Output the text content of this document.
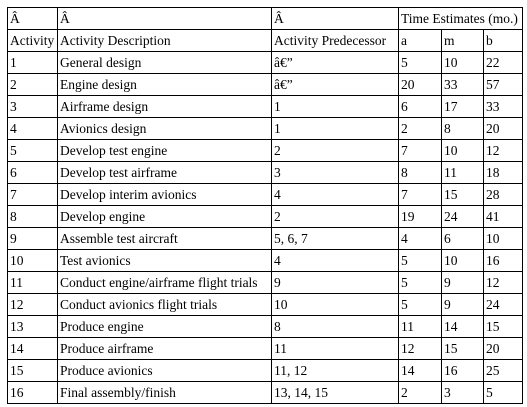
Â	Â	Â	Time Estimates (mo.)		
Activity	Activity Description	Activity Predecessor	a	m	b
1	General design	â€”	5	10	22
2	Engine design	â€”	20	33	57
3	Airframe design	1	6	17	33
4	Avionics design	1	2	8	20
5	Develop test engine	2	7	10	12
6	Develop test airframe	3	8	11	18
7	Develop interim avionics	4	7	15	28
8	Develop engine	2	19	24	41
9	Assemble test aircraft	5, 6, 7	4	6	10
10	Test avionics	4	5	10	16
11	Conduct engine/airframe flight trials	9	5	9	12
12	Conduct avionics flight trials	10	5	9	24
13	Produce engine	8	11	14	15
14	Produce airframe	11	12	15	20
15	Produce avionics	11, 12	14	16	25
16	Final assembly/finish	13, 14, 15	2	3	5
